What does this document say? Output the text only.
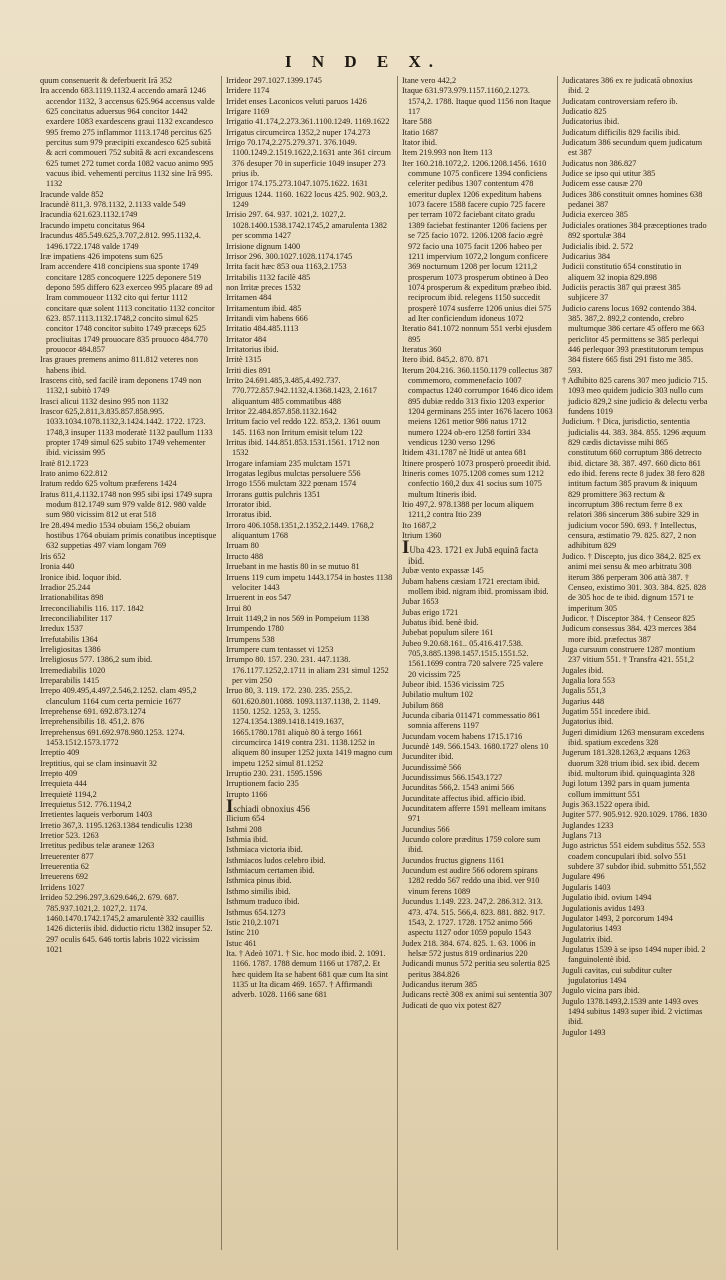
I N D E X.

quum consenuerit & deferbuerit Irā 352

Ira accendo 683.1119.1132.4 accendo amarā 1246 accendor 1132, 3 accensus 625.964 accensus valde 625 concitatus aduersus 964 concitor 1442 exardere 1083 exardescens graui 1132 excandesco 995 fremo 275 inflammor 1113.1748 percitus 625 percitus sum 979 præcipiti excandesco 625 subitā & acri commoueri 752 subitā & acri excandescens 625 tumet 272 tumet corda 1082 vacuo animo 995 vacuus ibid. vehementi percitus 1132 sine Irā 995. 1132

Iracunde valde 852

Iracundè 811,3. 978.1132, 2.1133 valde 549

Iracundia 621.623.1132.1749

Iracundo impetu concitatus 964

Iracundus 485.549.625,3.707,2.812. 995.1132,4. 1496.1722.1748 valde 1749

Iræ impatiens 426 impotens sum 625

Iram accendere 418 concipiens sua sponte 1749 concitare 1285 concoquere 1225 deponere 519 depono 595 differo 623 exerceo 995 placare 89 ad Iram commoueor 1132 cito qui fertur 1112 concitare quæ solent 1113 concitatio 1132 concitor 623. 857.1113.1132.1748,2 concito simul 625 concitor 1748 concitor subito 1749 præceps 625 procliuitas 1749 prouocare 835 prouoco 484.770 prouocor 484.857

Iras graues premens animo 811.812 veteres non habens ibid.

Irascens citò, sed facilè iram deponens 1749 non 1132,1 subitò 1749

Irasci alicui 1132 desino 995 non 1132

Irascor 625,2.811,3.835.857.858.995. 1033.1034.1078.1132,3.1424.1442. 1722. 1723. 1748,3 insuper 1133 moderatè 1132 paullum 1133 propter 1749 simul 625 subito 1749 vehementer ibid. vicissim 995

Iratè 812.1723

Irato animo 622.812

Iratum reddo 625 voltum præferens 1424

Iratus 811,4.1132.1748 non 995 sibi ipsi 1749 supra modum 812.1749 sum 979 valde 812. 980 valde sum 980 vicissim 812 ut erat 518

Ire 28.494 medio 1534 obuiam 156,2 obuiam hostibus 1764 obuiam primis conatibus inceptisque 632 suppetias 497 viam longam 769

Iris 652

Ironia 440

Ironice ibid. loquor ibid.

Irradior 25.244

Irrationabilitas 898

Irreconciliabilis 116. 117. 1842

Irreconciliabiliter 117

Irredux 1537

Irrefutabilis 1364

Irreligiositas 1386

Irreligiosus 577. 1386,2 sum ibid.

Irremediabilis 1020

Irreparabilis 1415

Irrepo 409.495,4.497,2.546,2.1252. clam 495,2 clanculum 1164 cum certa pernicie 1677

Irreprehense 691. 692.873.1274

Irreprehensibilis 18. 451,2. 876

Irreprehensus 691.692.978.980.1253. 1274. 1453.1512.1573.1772

Irreptio 409

Ireptitius, qui se clam insinuavit 32

Irrepto 409

Irrequieta 444

Irrequietè 1194,2

Irrequietus 512. 776.1194,2

Irretientes laqueis verborum 1403

Irretio 367,3. 1195.1263.1384 tendiculis 1238

Irretior 523. 1263

Irretitus pedibus telæ araneæ 1263

Irreuerenter 877

Irreuerentia 62

Irreuerens 692

Irridens 1027

Irrideo 52.296.297,3.629.646,2. 679. 687. 785.937.1021,2. 1027,2. 1174. 1460.1470.1742.1745,2 amarulentè 332 cauillis 1426 dicteriis ibid. diductio rictu 1382 insuper 52. 297 oculis 645. 646 tortis labris 1022 vicissim 1021

Irrideor 297.1027.1399.1745

Irridere 1174

Irridet enses Laconicos veluti paruos 1426

Irrigare 1169

Irrigatio 41.174,2.273.361.1100.1249. 1169.1622

Irrigatus circumcirca 1352,2 nuper 174.273

Irrigo 70.174,2.275.279.371. 376.1049. 1100.1249.2.1519.1622,2.1631 ante 361 circum 376 desuper 70 in superficie 1049 insuper 273 prius ib.

Irrigor 174.175.273.1047.1075.1622. 1631

Irriguus 1244. 1160. 1622 locus 425. 902. 903,2. 1249

Irrisio 297. 64. 937. 1021,2. 1027,2. 1028.1400.1538.1742.1745,2 amarulenta 1382 per scomma 1427

Irrisione dignum 1400

Irrisor 296. 300.1027.1028.1174.1745

Irrita facit hæc 853 oua 1163,2.1753

Irritabilis 1132 facilè 485

non Irritæ preces 1532

Irritamen 484

Irritamentum ibid. 485

Irritandi vim habens 666

Irritatio 484.485.1113

Irritator 484

Irritatorius ibid.

Irritè 1315

Irriti dies 891

Irrito 24.691.485,3.485,4.492.737. 770.772.857.942.1132,4.1368.1423, 2.1617 aliquantum 485 commatibus 488

Irritor 22.484.857.858.1132.1642

Irritum facio vel reddo 122. 853,2. 1361 ouum 145. 1163 non Irritum emisit telum 122

Irritus ibid. 144.851.853.1531.1561. 1712 non 1532

Irrogare infamiam 235 mulctam 1571

Irrogatas legibus mulctas persoluere 556

Irrogo 1556 mulctam 322 pœnam 1574

Irrorans guttis pulchris 1351

Irrorator ibid.

Irroratus ibid.

Irroro 406.1058.1351,2.1352,2.1449. 1768,2 aliquantum 1768

Irruam 80

Irructo 488

Irruebant in me hastis 80 in se mutuo 81

Irruens 119 cum impetu 1443.1754 in hostes 1138 velociter 1443

Irruerent in eos 547

Irrui 80

Irruit 1149,2 in nos 569 in Pompeium 1138

Irrumpendo 1780

Irrumpens 538

Irrumpere cum tentasset vi 1253

Irrumpo 80. 157. 230. 231. 447.1138. 176.1177.1252,2.1711 in aliam 231 simul 1252 per vim 250

Irruo 80, 3. 119. 172. 230. 235. 255,2. 601.620.801.1088. 1093.1137.1138, 2. 1149. 1150. 1252. 1253, 3. 1255. 1274.1354.1389.1418.1419.1637, 1665.1780.1781 aliquò 80 à tergo 1661 circumcirca 1419 contra 231. 1138.1252 in aliquem 80 insuper 1252 juxta 1419 magno cum impetu 1252 simul 81.1252

Irruptio 230. 231. 1595.1596

Irruptionem facio 235

Irrupto 1166

Ischiadi obnoxius 456

Ilicium 654

Isthmi 208

Isthmia ibid.

Isthmiaca victoria ibid.

Isthmiacos ludos celebro ibid.

Isthmiacum certamen ibid.

Isthmica pinus ibid.

Isthmo similis ibid.

Isthmum traduco ibid.

Isthmus 654.1273

Istic 210,2.1071

Istinc 210

Istuc 461

Ita. † Adeò 1071. † Sic. hoc modo ibid. 2. 1091. 1166. 1787. 1788 demum 1166 ut 1787,2. Et hæc quidem Ita se habent 681 quæ cum Ita sint 1135 ut Ita dicam 469. 1657. † Affirmandi adverb. 1028. 1166 sane 681

Itane vero 442,2

Itaque 631.973.979.1157.1160,2.1273. 1574,2. 1788. Itaque quod 1156 non Itaque 117

Itare 588

Itatio 1687

Itator ibid.

Item 219.993 non Item 113

Iter 160.218.1072,2. 1206.1208.1456. 1610 commune 1075 conficere 1394 conficiens celeriter pedibus 1307 contentum 478 emeritur duplex 1206 expeditum habens 1073 facere 1588 facere cupio 725 facere per terram 1072 faciebant citato gradu 1389 faciebat festinanter 1206 faciens per se 725 facio 1072. 1206.1208 facio ægrè 972 facio una 1075 facit 1206 habeo per 1211 impervium 1072,2 longum conficere 369 nocturnum 1208 per locum 1211,2 prosperum 1073 prosperum obtineo à Deo 1074 prosperum & expeditum præbeo ibid. reciprocum ibid. relegens 1150 succedit prosperè 1074 susferre 1206 unius diei 575 ad Iter conficiendum idoneus 1072

Iteratio 841.1072 nonnum 551 verbi ejusdem 895

Iteratus 360

Itero ibid. 845,2. 870. 871

Iterum 204.216. 360.1150.1179 collectus 387 commemoro, commenefacio 1007 compactus 1240 corrumpor 1646 dico idem 895 dubiæ reddo 313 fixio 1203 experior 1204 germinans 255 inter 1676 lacero 1063 meiens 1261 metior 986 natus 1712 numero 1224 ob-ero 1258 fortiri 334 vendicus 1230 verso 1296

Itidem 431.1787 nè Itidē ut antea 681

Itinere prosperò 1073 prosperò proeedit ibid.

Itineris comes 1075.1208 comes sum 1212 confectio 160,2 dux 41 socius sum 1075 multum Itineris ibid.

Itio 497,2. 978.1388 per locum aliquem 1211,2 contra Itio 239

Ito 1687,2

Itrium 1360

IUba 423. 1721 ex Jubā equinā facta ibid.

Jubæ vento expassæ 145

Jubam habens cæsiam 1721 erectam ibid. mollem ibid. nigram ibid. promissam ibid.

Jubar 1653

Jubas erigo 1721

Jubatus ibid. benè ibid.

Jubebat populum silere 161

Jubeo 9.20.68.161.. 05.416.417.538. 705,3.885.1398.1457.1515.1551.52. 1561.1699 contra 720 salvere 725 valere 20 vicissim 725

Jubeor ibid. 1536 vicissim 725

Jubilatio multum 102

Jubilum 868

Jucunda cibaria 011471 commessatio 861 somnia afferens 1197

Jucundam vocem habens 1715.1716

Jucundè 149. 566.1543. 1680.1727 olens 10

Jucunditer ibid.

Jucundissimè 566

Jucundissimus 566.1543.1727

Jucunditas 566,2. 1543 animi 566

Jucunditate affectus ibid. afficio ibid.

Jucunditatem afferre 1591 melleam imitans 971

Jucundius 566

Jucundo colore præditus 1759 colore sum ibid.

Jucundos fructus gignens 1161

Jucundum est audire 566 odorem spirans 1282 reddo 567 reddo una ibid. ver 910 vinum ferens 1089

Jucundus 1.149. 223. 247,2. 286.312. 313. 473. 474. 515. 566,4. 823. 881. 882. 917. 1543, 2. 1727. 1728. 1752 animo 566 aspectu 1127 odor 1059 populo 1543

Judex 218. 384. 674. 825. 1. 63. 1006 in helsæ 572 justus 819 ordinarius 220

Judicandi munus 572 peritia seu solertia 825 peritus 384.826

Judicandus iterum 385

Judicans rectè 308 ex animi sui sententia 307

Judicati de quo vix potest 827

Judicatares 386 ex re judicatā obnoxius ibid. 2

Judicatam controversiam refero ib.

Judicatio 825

Judicatorius ibid.

Judicatum difficilis 829 facilis ibid.

Judicatum 386 secundum quem judicatum est 387

Judicatus non 386.827

Judice se ipso qui utitur 385

Judicem esse causæ 270

Judices 386 constituit omnes homines 638 pedanei 387

Judicia exerceo 385

Judiciales orationes 384 præceptiones trado 892 sportulæ 384

Judicialis ibid. 2. 572

Judicarius 384

Judicii constitutio 654 constitutio in aliquem 32 inopia 829.898

Judiciis peractis 387 qui præest 385 subjicere 37

Judicio carens locus 1692 contendo 384. 385. 387,2. 892,2 contendo, crebro multumque 386 certare 45 offero me 663 periclitor 45 permittens se 385 perlequi 446 perlequor 393 præstitutorum tempus 384 fistere 665 fisti 291 fisto me 385. 593.

† Adhibito 825 carens 307 meo judicio 715. 1093 meo quidem judicio 303 nullo cum judicio 829,2 sine judicio & delectu verba fundens 1019

Judicium. † Dica, jurisdictio, sententia judicialis 44. 383. 384. 855. 1296 æquum 829 cædis dictavisse mihi 865 constitutum 660 corruptum 386 detrecto ibid. dictare 38. 387. 497. 660 dicto 861 edo ibid. ferens recte 8 judex 38 fero 828 intitum factum 385 pravum & iniquum 829 promittere 363 rectum & incorruptum 386 rectum ferre 8 ex relatori 386 sincerum 386 subire 329 in judicium vocor 590. 693. † Intellectus, censura, æstimatio 79. 825. 827, 2 non adhibitum 829

Judico. † Discepto, jus dico 384,2. 825 ex animi mei sensu & meo arbitratu 308 iterum 386 perperam 306 attà 387. † Censeo, existimo 301. 303. 384. 825. 828 de 305 hoc de te ibid. dignum 1571 te imperitum 305

Judicor. † Disceptor 384. † Censeor 825

Judicum consessus 384. 423 merces 384 more ibid. præfectus 387

Juga cursuum construere 1287 montium 237 vitium 551. † Transfra 421. 551,2

Jugales ibid.

Jugalia lora 553

Jugalis 551,3

Jugarius 448

Jugatim 551 incedere ibid.

Jugatorius ibid.

Jugeri dimidium 1263 mensuram excedens ibid. spatium excedens 328

Jugerum 181.328.1263,2 æquans 1263 duorum 328 trium ibid. sex ibid. decem ibid. multorum ibid. quinquaginta 328

Jugi lotum 1392 pars in quam jumenta collum immittunt 551

Jugis 363.1522 opera ibid.

Jugiter 577. 905.912. 920.1029. 1786. 1830

Juglandes 1233

Juglans 713

Jugo astrictus 551 eidem subditus 552. 553 coadem concupulari ibid. solvo 551 subdere 37 subdor ibid. submitto 551,552

Jugulare 496

Jugularis 1403

Jugulatio ibid. ovium 1494

Jugulationis avidus 1493

Jugulator 1493, 2 porcorum 1494

Jugulatorius 1493

Jugulatrix ibid.

Jugulatus 1539 à se ipso 1494 nuper ibid. 2 fanguinolentè ibid.

Juguli cavitas, cui subditur culter jugulatorius 1494

Jugulo vicina pars ibid.

Jugulo 1378.1493,2.1539 ante 1493 oves 1494 subitus 1493 super ibid. 2 victimas ibid.

Jugulor 1493
